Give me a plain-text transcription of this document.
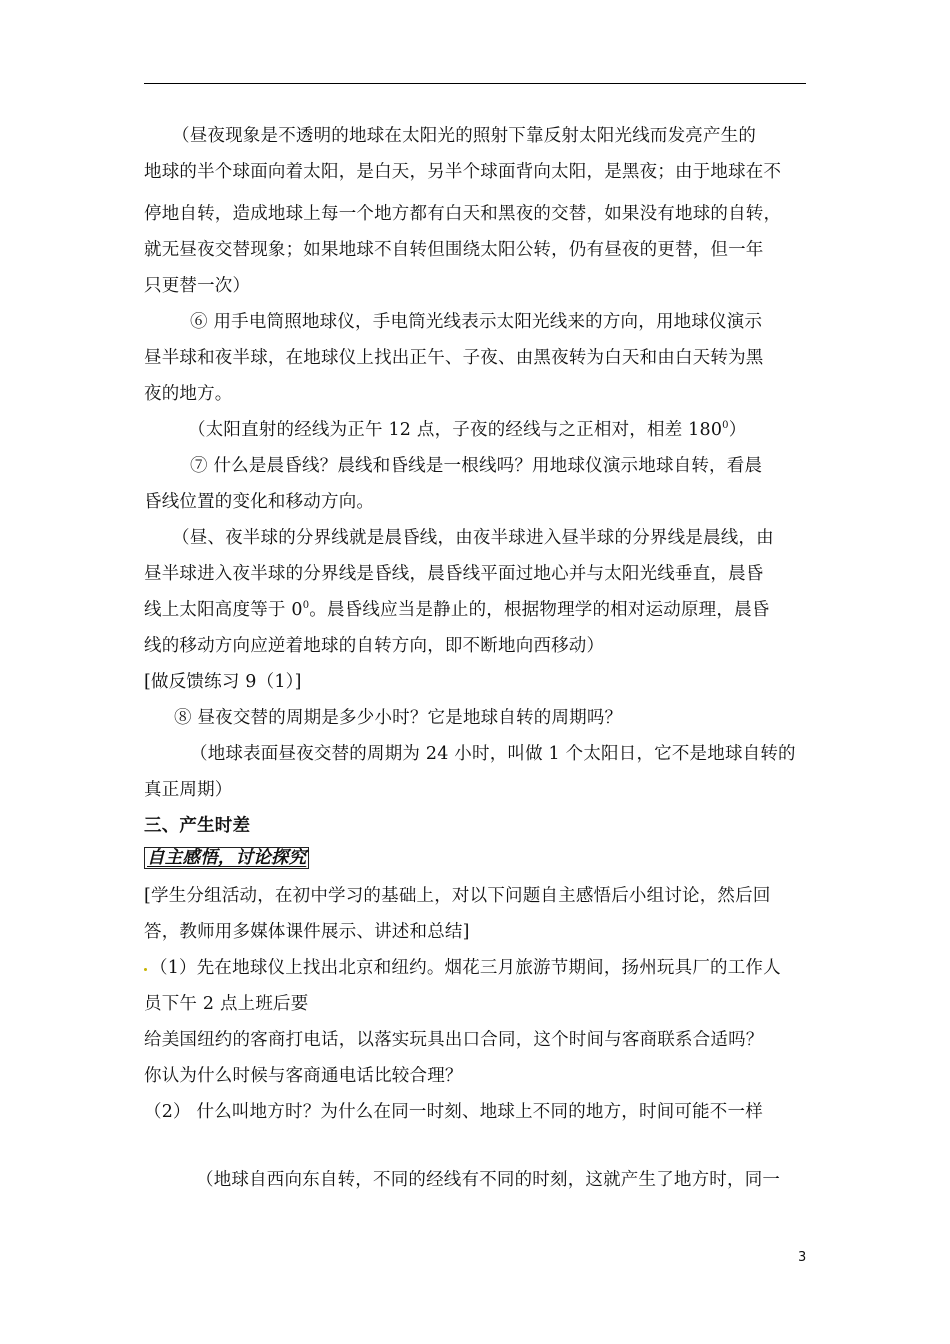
（昼夜现象是不透明的地球在太阳光的照射下靠反射太阳光线而发亮产生的
地球的半个球面向着太阳，是白天，另半个球面背向太阳，是黑夜；由于地球在不
停地自转，造成地球上每一个地方都有白天和黑夜的交替，如果没有地球的自转，
就无昼夜交替现象；如果地球不自转但围绕太阳公转，仍有昼夜的更替，但一年
只更替一次）
⑥ 用手电筒照地球仪，手电筒光线表示太阳光线来的方向，用地球仪演示
昼半球和夜半球，在地球仪上找出正午、子夜、由黑夜转为白天和由白天转为黑
夜的地方。
（太阳直射的经线为正午 12 点，子夜的经线与之正相对，相差 $180^0$）
⑦ 什么是晨昏线？晨线和昏线是一根线吗？用地球仪演示地球自转，看晨
昏线位置的变化和移动方向。
（昼、夜半球的分界线就是晨昏线，由夜半球进入昼半球的分界线是晨线，由
昼半球进入夜半球的分界线是昏线，晨昏线平面过地心并与太阳光线垂直，晨昏
线上太阳高度等于 $0^0$。晨昏线应当是静止的，根据物理学的相对运动原理，晨昏
线的移动方向应逆着地球的自转方向，即不断地向西移动）
[做反馈练习 9（1）]
⑧ 昼夜交替的周期是多少小时？它是地球自转的周期吗？
（地球表面昼夜交替的周期为 24 小时，叫做 1 个太阳日，它不是地球自转的
真正周期）
三、产生时差
自主感悟，讨论探究
[学生分组活动，在初中学习的基础上，对以下问题自主感悟后小组讨论，然后回
答，教师用多媒体课件展示、讲述和总结]
（1）先在地球仪上找出北京和纽约。烟花三月旅游节期间，扬州玩具厂的工作人
员下午 2 点上班后要
给美国纽约的客商打电话，以落实玩具出口合同，这个时间与客商联系合适吗？
你认为什么时候与客商通电话比较合理？
（2） 什么叫地方时？为什么在同一时刻、地球上不同的地方，时间可能不一样
（地球自西向东自转，不同的经线有不同的时刻，这就产生了地方时，同一
3
